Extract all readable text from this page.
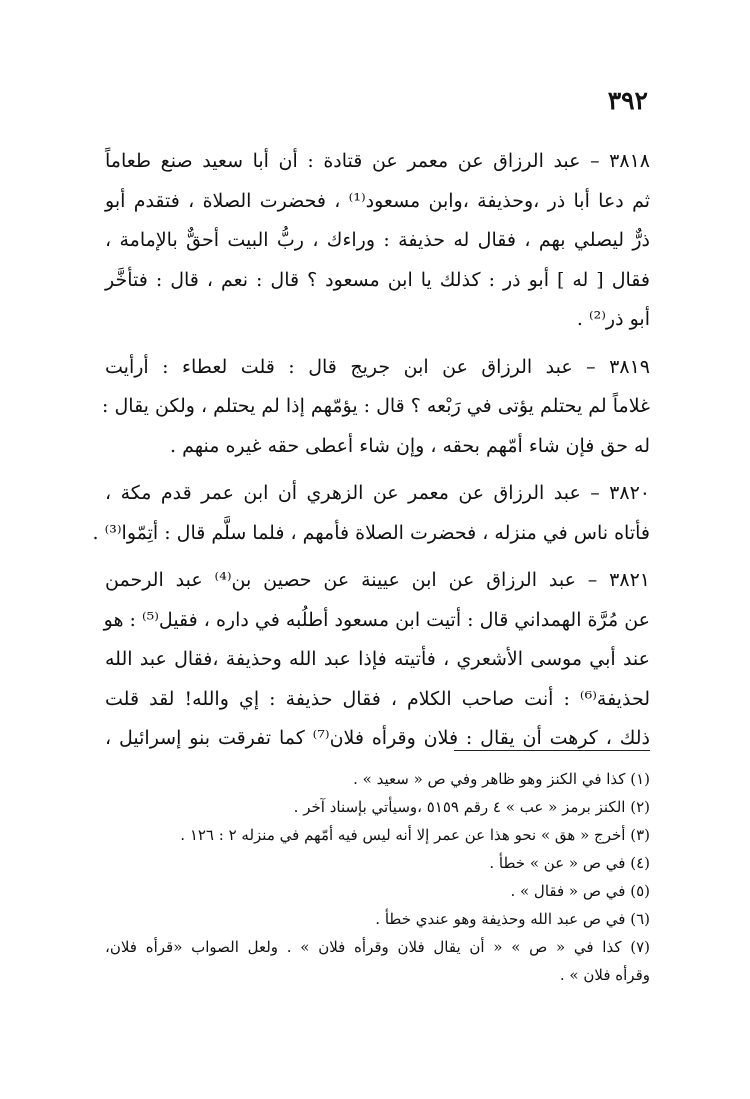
٣٩٢
٣٨١٨ – عبد الرزاق عن معمر عن قتادة : أن أبا سعيد صنع طعاماً
ثم دعا أبا ذر ،وحذيفة ،وابن مسعود⁽¹⁾ ، فحضرت الصلاة ، فتقدم أبو
ذرٌّ ليصلي بهم ، فقال له حذيفة : وراءك ، ربُّ البيت أحقٌّ بالإمامة ،
فقال [ له ] أبو ذر : كذلك يا ابن مسعود ؟ قال : نعم ، قال : فتأخَّر
أبو ذر⁽²⁾ .
٣٨١٩ – عبد الرزاق عن ابن جريج قال : قلت لعطاء : أرأيت
غلاماً لم يحتلم يؤتى في رَبْعه ؟ قال : يؤمّهم إذا لم يحتلم ، ولكن يقال :
له حق فإن شاء أمّهم بحقه ، وإن شاء أعطى حقه غيره منهم .
٣٨٢٠ – عبد الرزاق عن معمر عن الزهري أن ابن عمر قدم مكة ،
فأتاه ناس في منزله ، فحضرت الصلاة فأمهم ، فلما سلَّم قال : أتِمّوا⁽³⁾ .
٣٨٢١ – عبد الرزاق عن ابن عيينة عن حصين بن⁽⁴⁾ عبد الرحمن
عن مُرَّة الهمداني قال : أتيت ابن مسعود أطلُبه في داره ، فقيل⁽⁵⁾ : هو
عند أبي موسى الأشعري ، فأتيته فإذا عبد الله وحذيفة ،فقال عبد الله
لحذيفة⁽⁶⁾ : أنت صاحب الكلام ، فقال حذيفة : إي والله! لقد قلت
ذلك ، كرهت أن يقال : فلان وقرأه فلان⁽⁷⁾ كما تفرقت بنو إسرائيل ،
(١) كذا في الكنز وهو ظاهر وفي ص « سعيد » .
(٢) الكنز برمز « عب » ٤ رقم ٥١٥٩ ،وسيأتي بإسناد آخر .
(٣) أخرج « هق » نحو هذا عن عمر إلا أنه ليس فيه أمّهم في منزله ٢ : ١٢٦ .
(٤) في ص « عن » خطأ .
(٥) في ص « فقال » .
(٦) في ص عبد الله وحذيفة وهو عندي خطأ .
(٧) كذا في « ص » « أن يقال فلان وقرأه فلان » . ولعل الصواب «قرأه فلان،
وقرأه فلان » .
